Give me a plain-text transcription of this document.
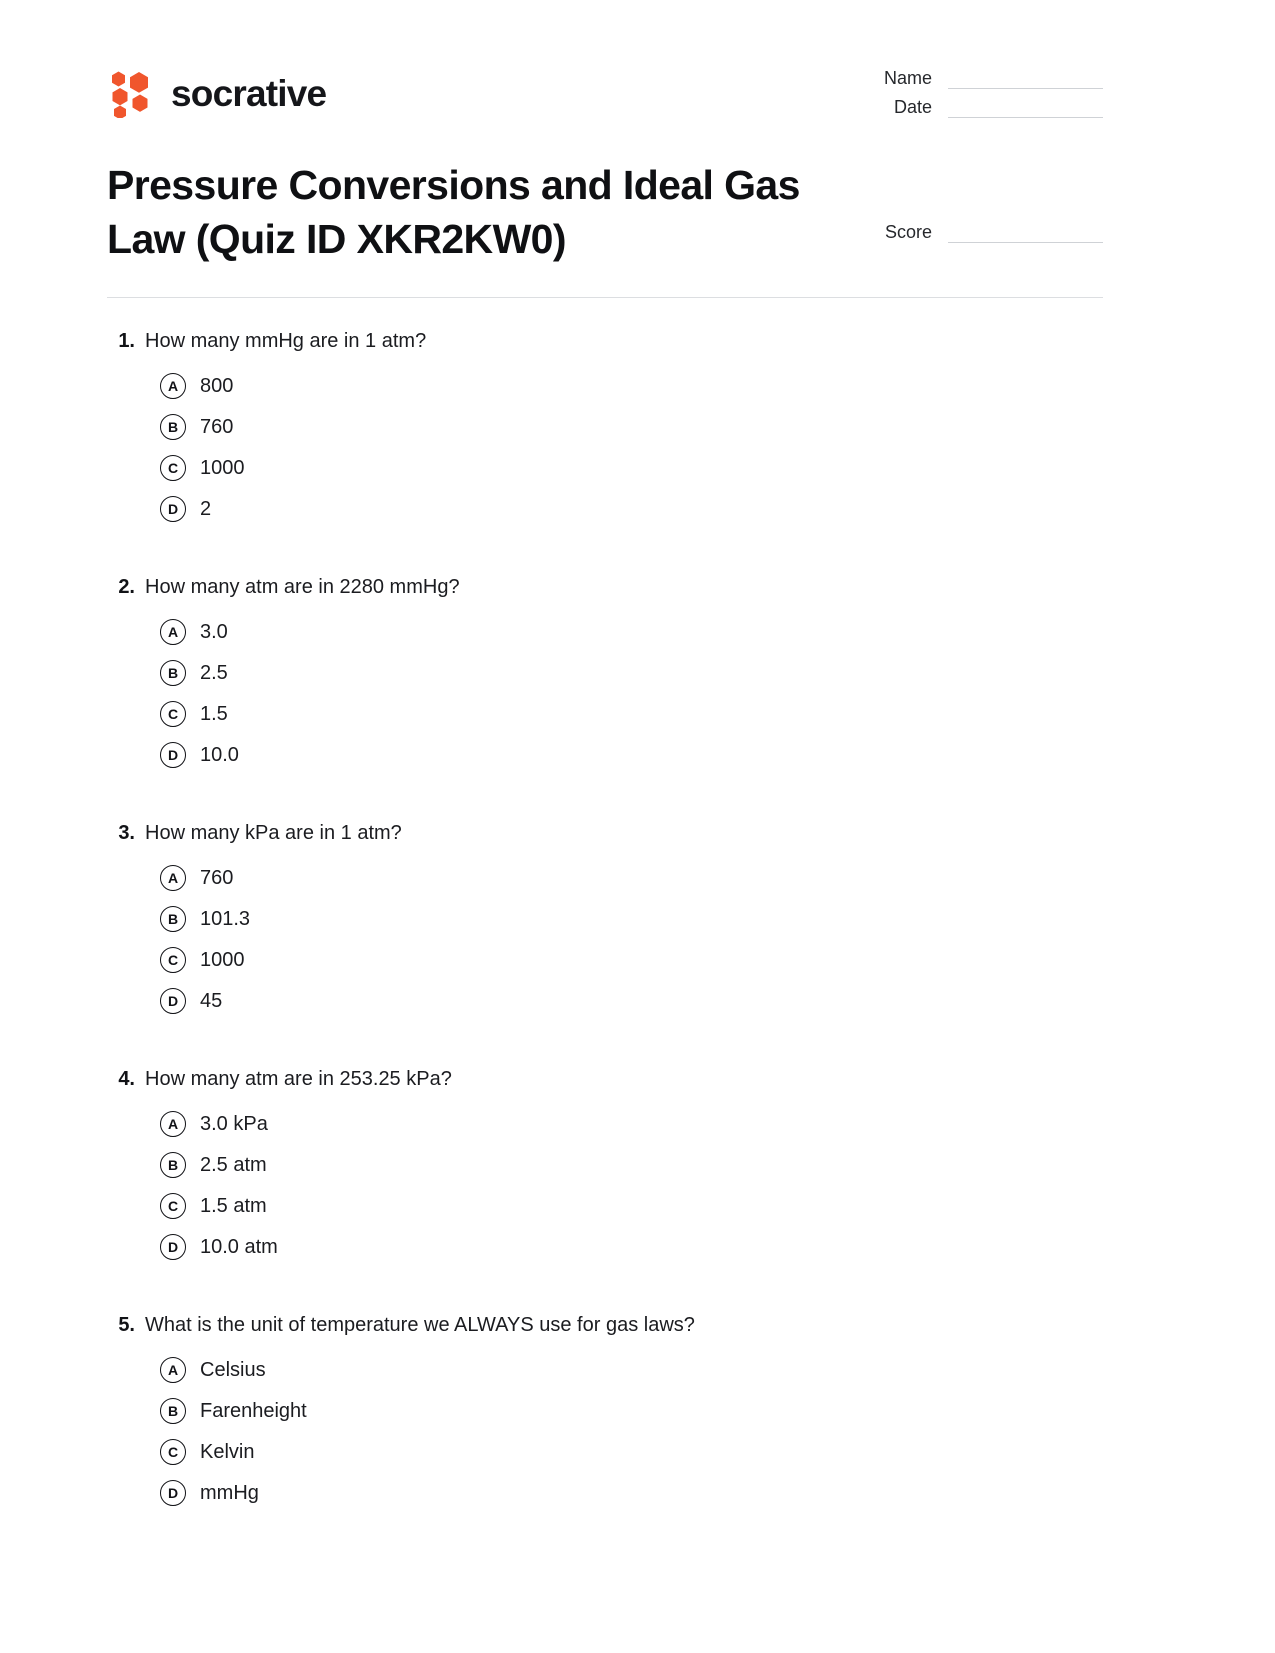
socrative	Name
Date
Score
Pressure Conversions and Ideal Gas Law (Quiz ID XKR2KW0)
1. How many mmHg are in 1 atm?
A	800
B	760
C	1000
D	2
2. How many atm are in 2280 mmHg?
A	3.0
B	2.5
C	1.5
D	10.0
3. How many kPa are in 1 atm?
A	760
B	101.3
C	1000
D	45
4. How many atm are in 253.25 kPa?
A	3.0 kPa
B	2.5 atm
C	1.5 atm
D	10.0 atm
5. What is the unit of temperature we ALWAYS use for gas laws?
A	Celsius
B	Farenheight
C	Kelvin
D	mmHg
